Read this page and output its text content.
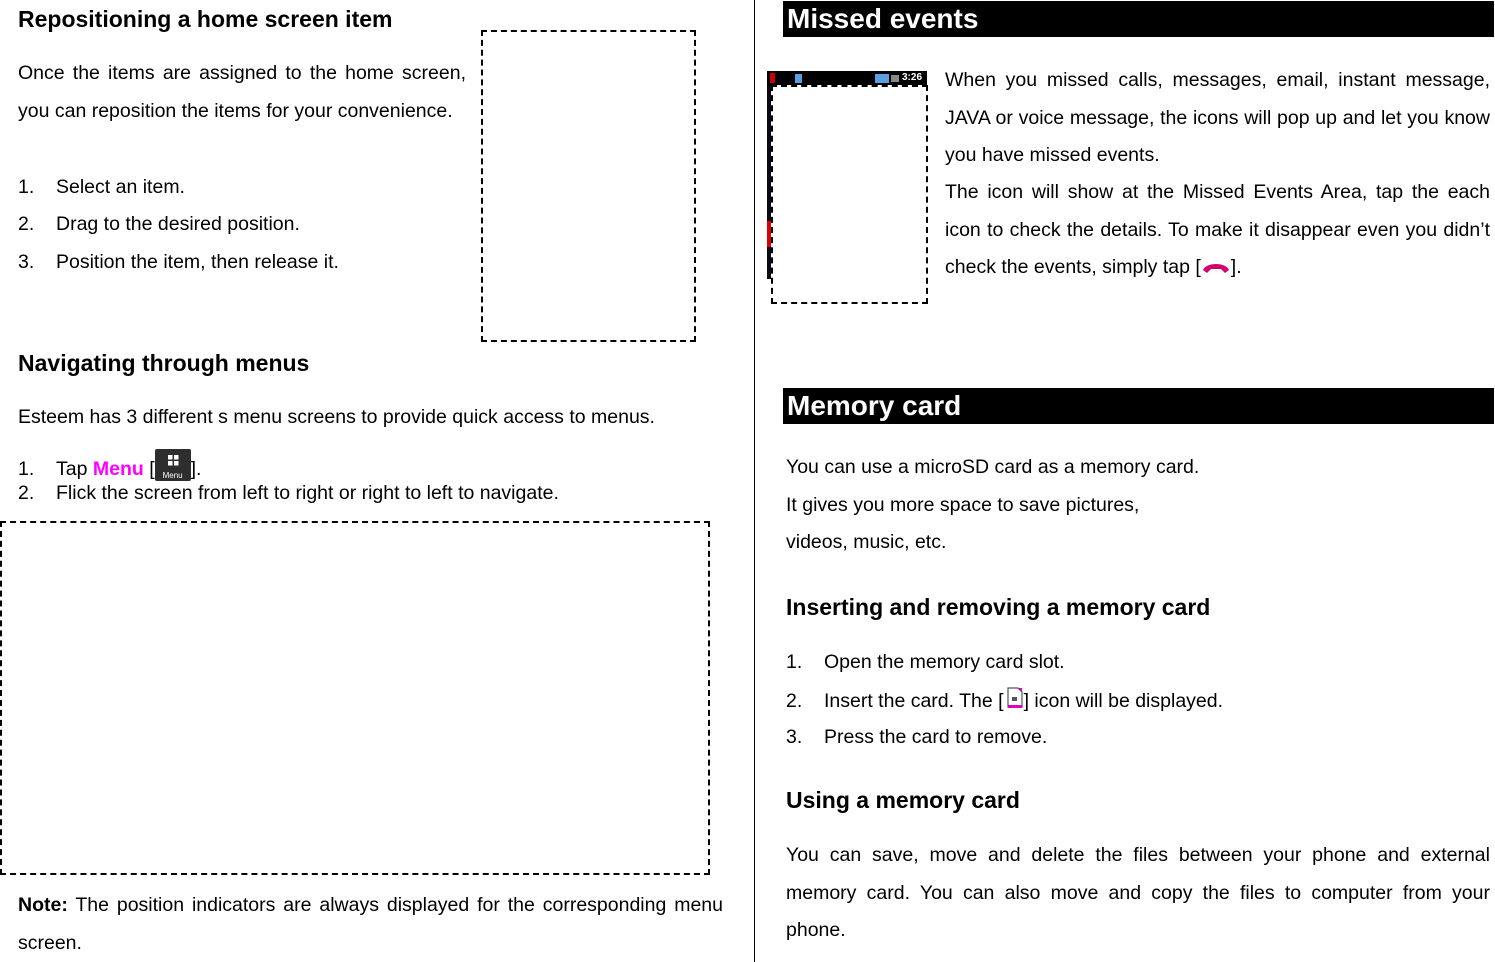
Repositioning a home screen item
Once the items are assigned to the home screen, you can reposition the items for your convenience.
1. Select an item.
2. Drag to the desired position.
3. Position the item, then release it.
Navigating through menus
Esteem has 3 different s menu screens to provide quick access to menus.
1. Tap Menu [ Menu ].
2. Flick the screen from left to right or right to left to navigate.
Note: The position indicators are always displayed for the corresponding menu screen.
Missed events
3:26 When you missed calls, messages, email, instant message, JAVA or voice message, the icons will pop up and let you know you have missed events.
The icon will show at the Missed Events Area, tap the each icon to check the details. To make it disappear even you didn’t check the events, simply tap [ ].
Memory card
You can use a microSD card as a memory card.
It gives you more space to save pictures,
videos, music, etc.
Inserting and removing a memory card
1. Open the memory card slot.
2. Insert the card. The [ ] icon will be displayed.
3. Press the card to remove.
Using a memory card
You can save, move and delete the files between your phone and external memory card. You can also move and copy the files to computer from your phone.
